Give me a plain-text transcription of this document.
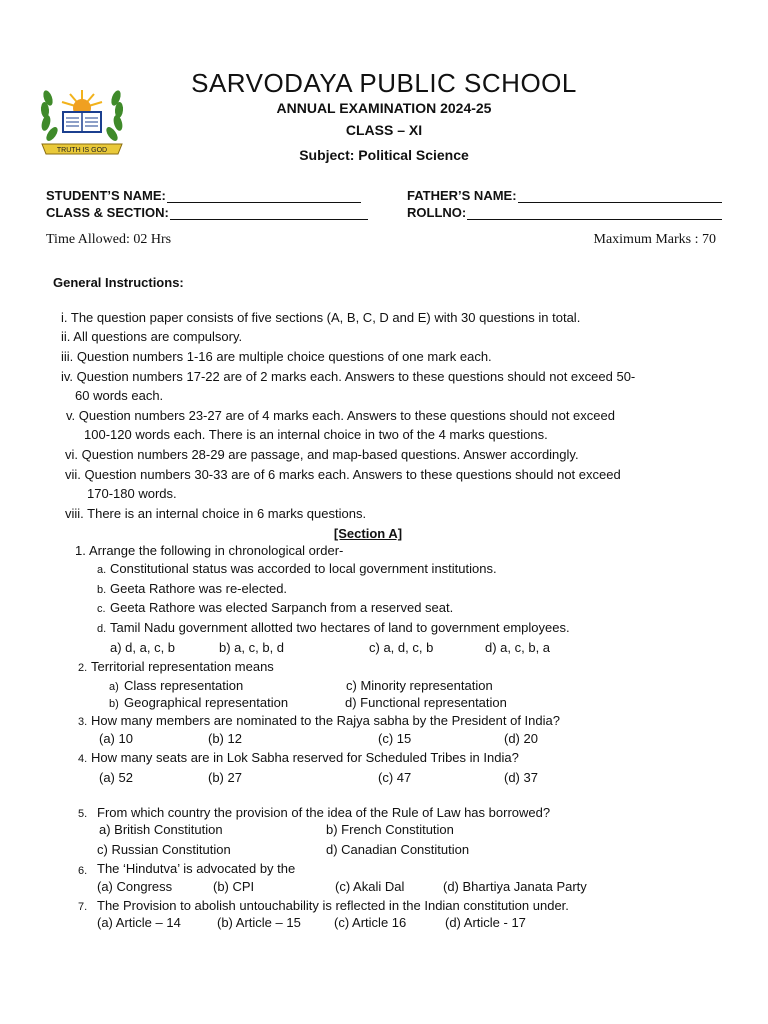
TRUTH IS GOD
SARVODAYA PUBLIC SCHOOL
ANNUAL EXAMINATION 2024-25
CLASS – XI
Subject: Political Science
STUDENT’S NAME:	FATHER’S NAME:
CLASS & SECTION:	ROLLNO:
Time Allowed: 02 Hrs	Maximum Marks : 70
General Instructions:
i. The question paper consists of five sections (A, B, C, D and E) with 30 questions in total.
ii. All questions are compulsory.
iii. Question numbers 1-16 are multiple choice questions of one mark each.
iv. Question numbers 17-22 are of 2 marks each. Answers to these questions should not exceed 50-
60 words each.
v. Question numbers 23-27 are of 4 marks each. Answers to these questions should not exceed
100-120 words each. There is an internal choice in two of the 4 marks questions.
vi. Question numbers 28-29 are passage, and map-based questions. Answer accordingly.
vii. Question numbers 30-33 are of 6 marks each. Answers to these questions should not exceed
170-180 words.
viii. There is an internal choice in 6 marks questions.
[Section A]
1. Arrange the following in chronological order-
a. Constitutional status was accorded to local government institutions.
b. Geeta Rathore was re-elected.
c. Geeta Rathore was elected Sarpanch from a reserved seat.
d. Tamil Nadu government allotted two hectares of land to government employees.
a) d, a, c, b	b) a, c, b, d	c) a, d, c, b	d) a, c, b, a
2. Territorial representation means
a) Class representation	c) Minority representation
b) Geographical representation	d) Functional representation
3. How many members are nominated to the Rajya sabha by the President of India?
(a) 10	(b) 12	(c) 15	(d) 20
4. How many seats are in Lok Sabha reserved for Scheduled Tribes in India?
(a) 52	(b) 27	(c) 47	(d) 37
5. From which country the provision of the idea of the Rule of Law has borrowed?
a) British Constitution	b) French Constitution
c) Russian Constitution	d) Canadian Constitution
6. The ‘Hindutva’ is advocated by the
(a) Congress	(b) CPI	(c) Akali Dal	(d) Bhartiya Janata Party
7. The Provision to abolish untouchability is reflected in the Indian constitution under.
(a) Article – 14	(b) Article – 15	(c) Article 16	(d) Article - 17
